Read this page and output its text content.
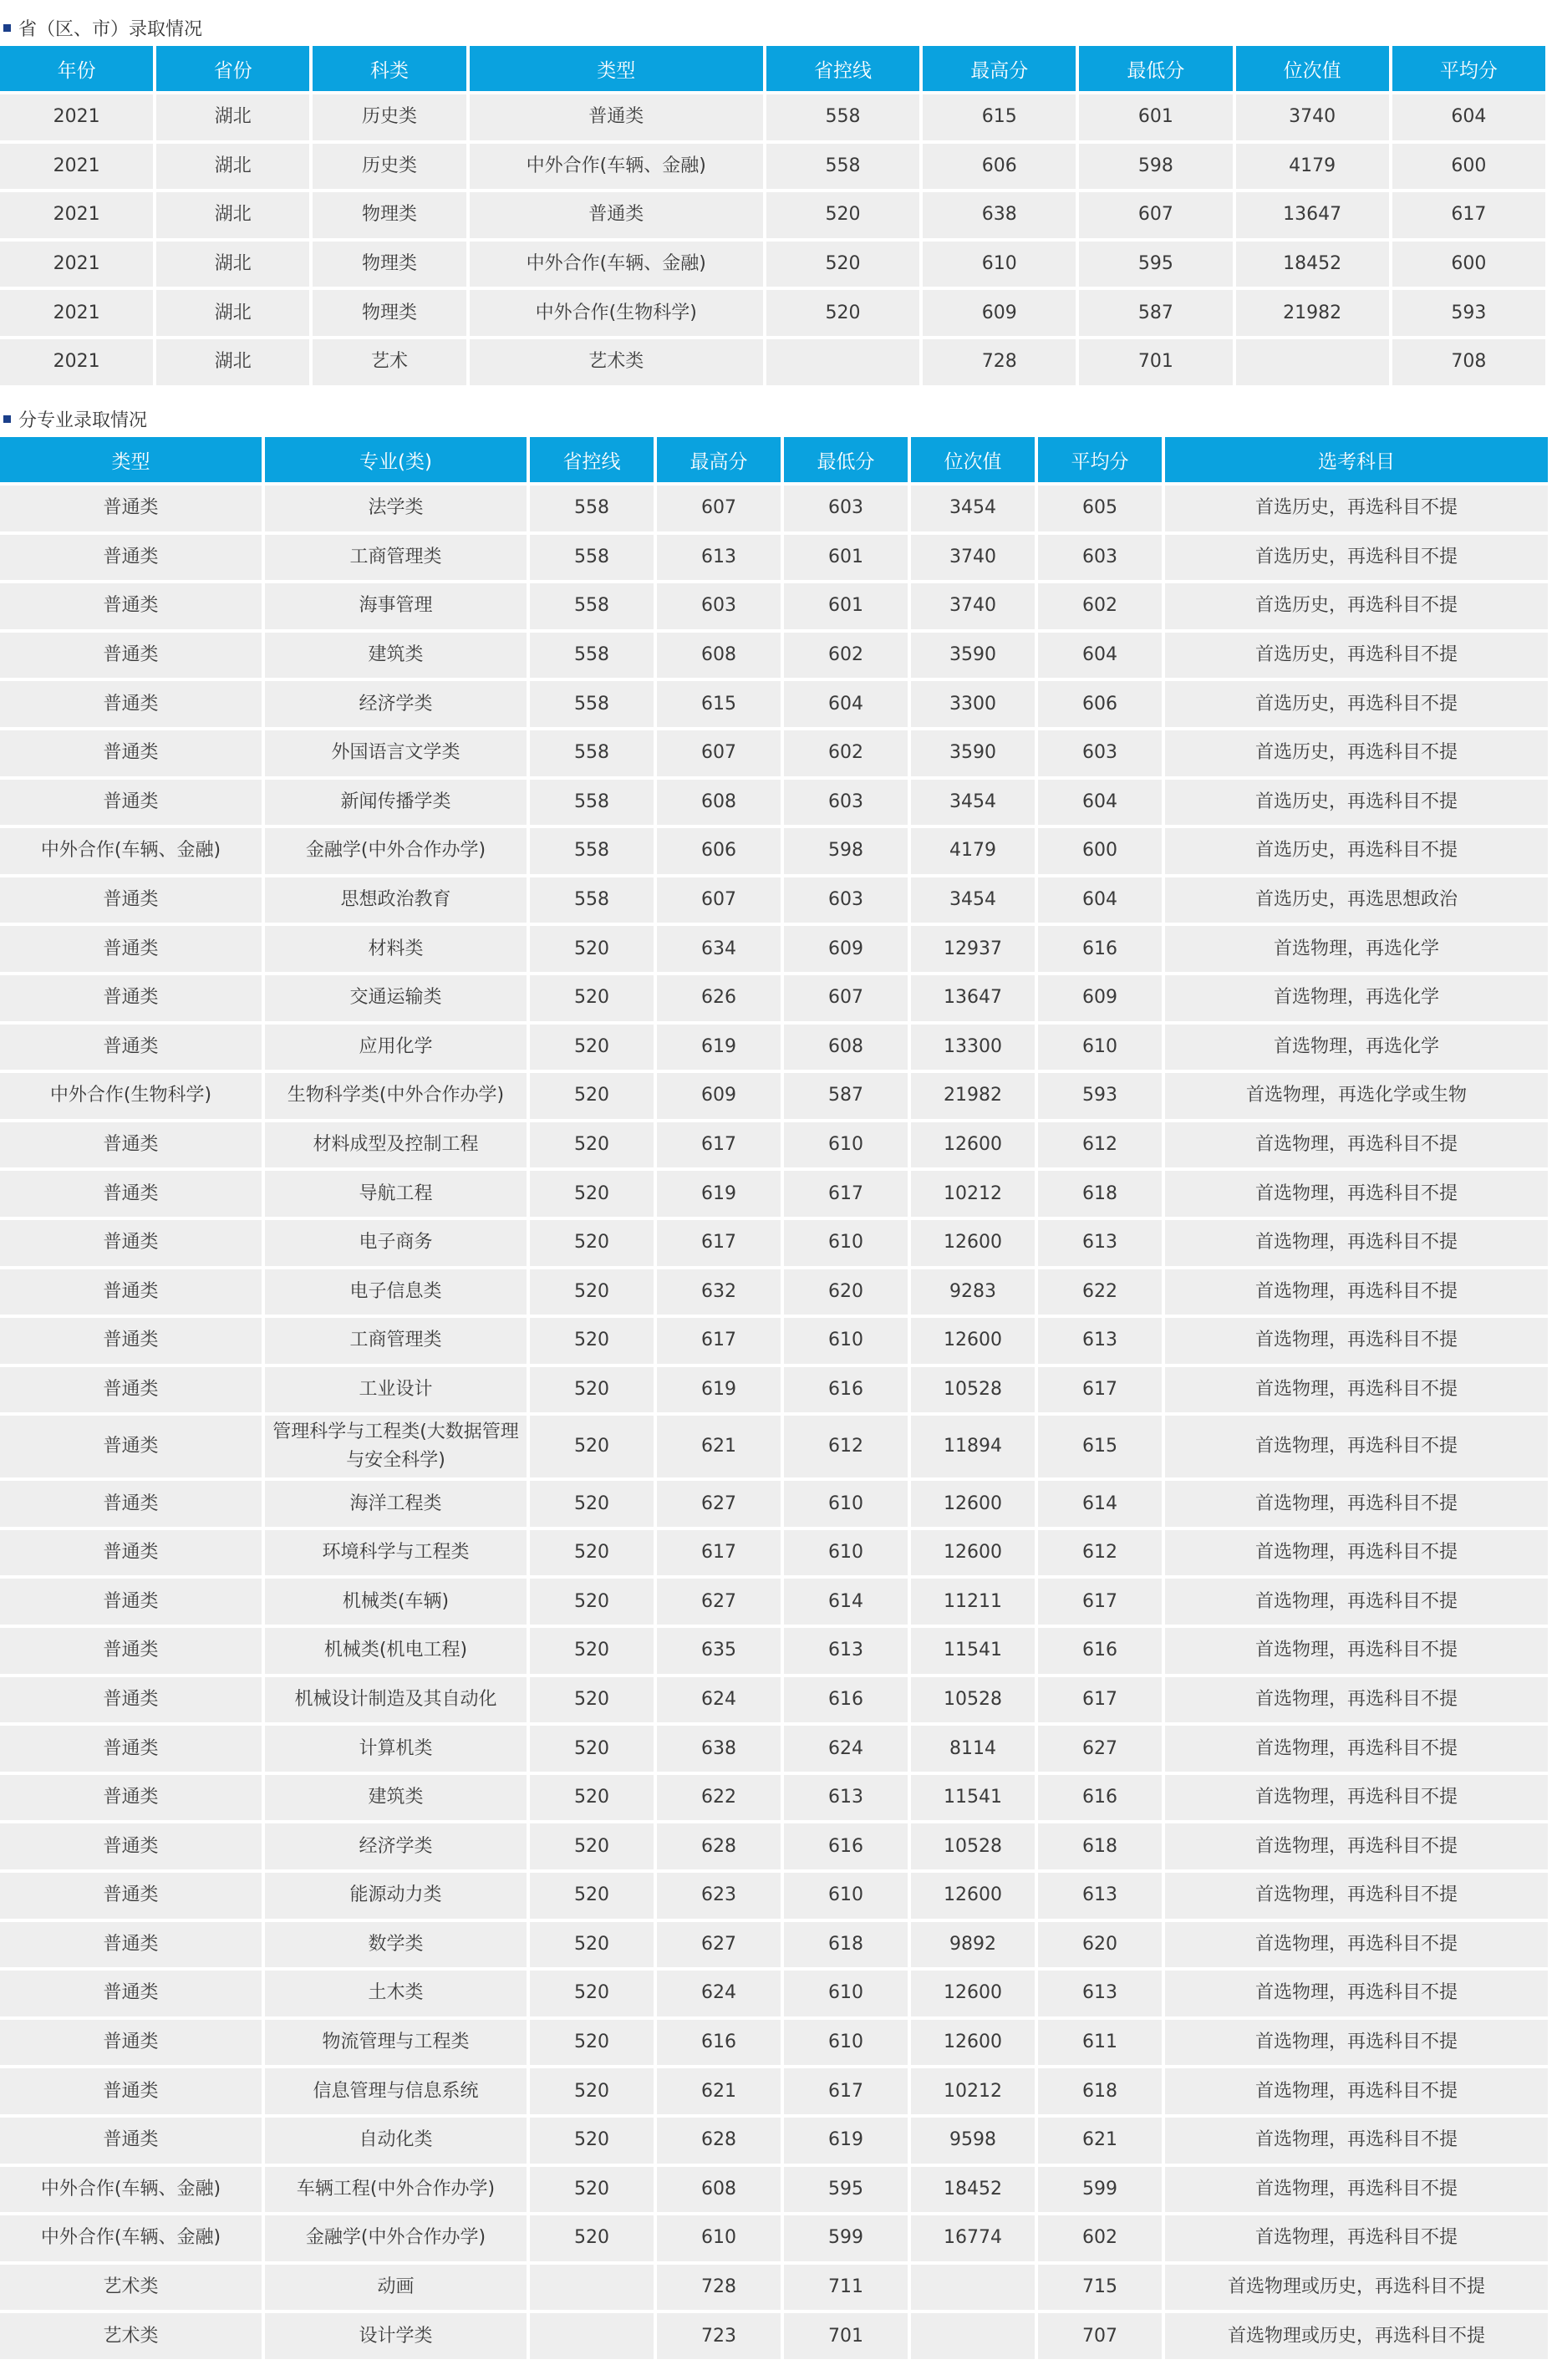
省（区、市）录取情况
年份	省份	科类	类型	省控线	最高分	最低分	位次值	平均分
2021	湖北	历史类	普通类	558	615	601	3740	604
2021	湖北	历史类	中外合作(车辆、金融)	558	606	598	4179	600
2021	湖北	物理类	普通类	520	638	607	13647	617
2021	湖北	物理类	中外合作(车辆、金融)	520	610	595	18452	600
2021	湖北	物理类	中外合作(生物科学)	520	609	587	21982	593
2021	湖北	艺术	艺术类		728	701		708
分专业录取情况
类型	专业(类)	省控线	最高分	最低分	位次值	平均分	选考科目
普通类	法学类	558	607	603	3454	605	首选历史，再选科目不提
普通类	工商管理类	558	613	601	3740	603	首选历史，再选科目不提
普通类	海事管理	558	603	601	3740	602	首选历史，再选科目不提
普通类	建筑类	558	608	602	3590	604	首选历史，再选科目不提
普通类	经济学类	558	615	604	3300	606	首选历史，再选科目不提
普通类	外国语言文学类	558	607	602	3590	603	首选历史，再选科目不提
普通类	新闻传播学类	558	608	603	3454	604	首选历史，再选科目不提
中外合作(车辆、金融)	金融学(中外合作办学)	558	606	598	4179	600	首选历史，再选科目不提
普通类	思想政治教育	558	607	603	3454	604	首选历史，再选思想政治
普通类	材料类	520	634	609	12937	616	首选物理，再选化学
普通类	交通运输类	520	626	607	13647	609	首选物理，再选化学
普通类	应用化学	520	619	608	13300	610	首选物理，再选化学
中外合作(生物科学)	生物科学类(中外合作办学)	520	609	587	21982	593	首选物理，再选化学或生物
普通类	材料成型及控制工程	520	617	610	12600	612	首选物理，再选科目不提
普通类	导航工程	520	619	617	10212	618	首选物理，再选科目不提
普通类	电子商务	520	617	610	12600	613	首选物理，再选科目不提
普通类	电子信息类	520	632	620	9283	622	首选物理，再选科目不提
普通类	工商管理类	520	617	610	12600	613	首选物理，再选科目不提
普通类	工业设计	520	619	616	10528	617	首选物理，再选科目不提
普通类	管理科学与工程类(大数据管理与安全科学)	520	621	612	11894	615	首选物理，再选科目不提
普通类	海洋工程类	520	627	610	12600	614	首选物理，再选科目不提
普通类	环境科学与工程类	520	617	610	12600	612	首选物理，再选科目不提
普通类	机械类(车辆)	520	627	614	11211	617	首选物理，再选科目不提
普通类	机械类(机电工程)	520	635	613	11541	616	首选物理，再选科目不提
普通类	机械设计制造及其自动化	520	624	616	10528	617	首选物理，再选科目不提
普通类	计算机类	520	638	624	8114	627	首选物理，再选科目不提
普通类	建筑类	520	622	613	11541	616	首选物理，再选科目不提
普通类	经济学类	520	628	616	10528	618	首选物理，再选科目不提
普通类	能源动力类	520	623	610	12600	613	首选物理，再选科目不提
普通类	数学类	520	627	618	9892	620	首选物理，再选科目不提
普通类	土木类	520	624	610	12600	613	首选物理，再选科目不提
普通类	物流管理与工程类	520	616	610	12600	611	首选物理，再选科目不提
普通类	信息管理与信息系统	520	621	617	10212	618	首选物理，再选科目不提
普通类	自动化类	520	628	619	9598	621	首选物理，再选科目不提
中外合作(车辆、金融)	车辆工程(中外合作办学)	520	608	595	18452	599	首选物理，再选科目不提
中外合作(车辆、金融)	金融学(中外合作办学)	520	610	599	16774	602	首选物理，再选科目不提
艺术类	动画		728	711		715	首选物理或历史，再选科目不提
艺术类	设计学类		723	701		707	首选物理或历史，再选科目不提
